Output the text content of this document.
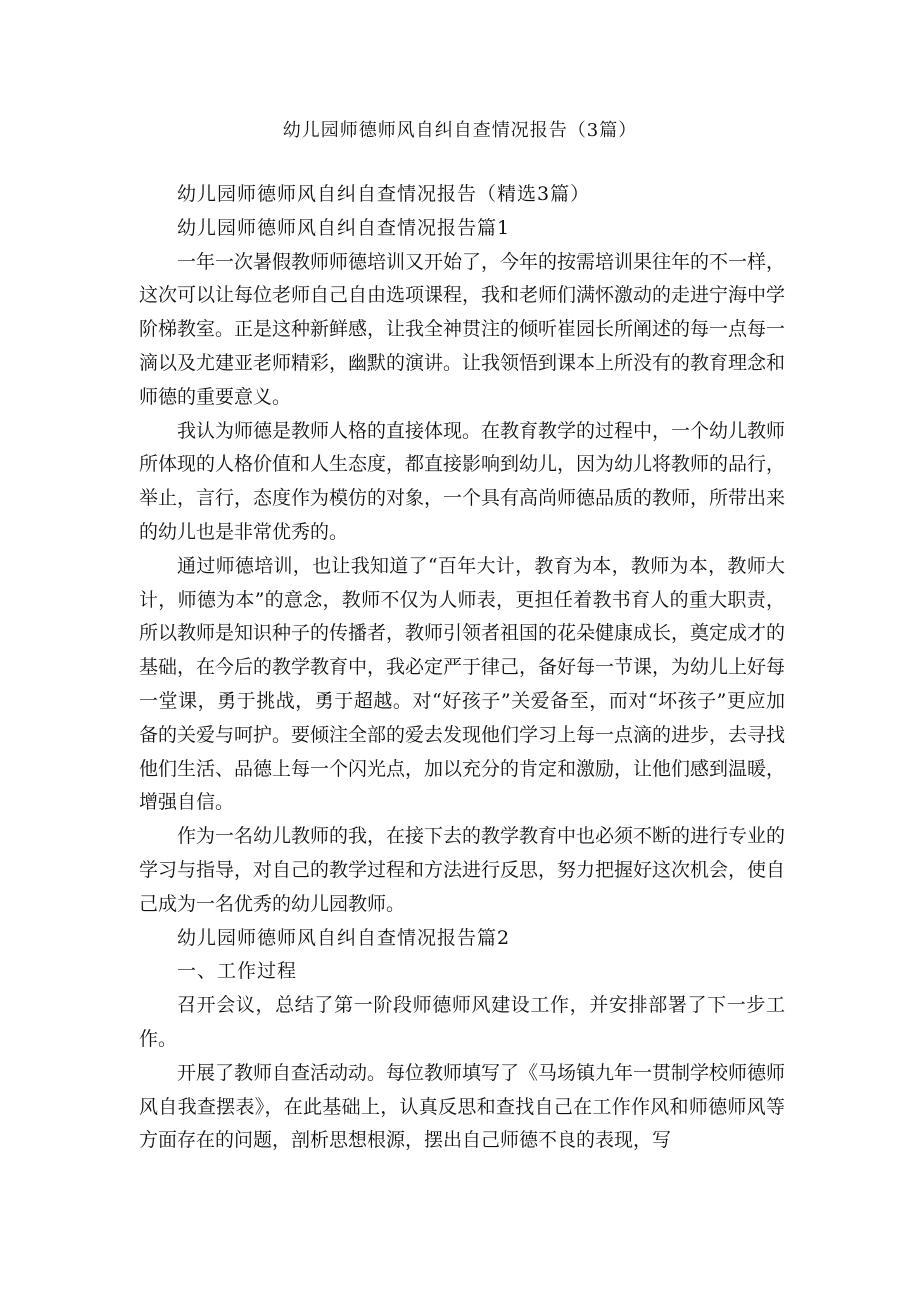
幼儿园师德师风自纠自查情况报告（3篇）

幼儿园师德师风自纠自查情况报告（精选3篇）

幼儿园师德师风自纠自查情况报告篇1

一年一次暑假教师师德培训又开始了，今年的按需培训果往年的不一样，这次可以让每位老师自己自由选项课程，我和老师们满怀激动的走进宁海中学阶梯教室。正是这种新鲜感，让我全神贯注的倾听崔园长所阐述的每一点每一滴以及尤建亚老师精彩，幽默的演讲。让我领悟到课本上所没有的教育理念和师德的重要意义。

我认为师德是教师人格的直接体现。在教育教学的过程中，一个幼儿教师所体现的人格价值和人生态度，都直接影响到幼儿，因为幼儿将教师的品行，举止，言行，态度作为模仿的对象，一个具有高尚师德品质的教师，所带出来的幼儿也是非常优秀的。

通过师德培训，也让我知道了“百年大计，教育为本，教师为本，教师大计，师德为本”的意念，教师不仅为人师表，更担任着教书育人的重大职责，所以教师是知识种子的传播者，教师引领者祖国的花朵健康成长，奠定成才的基础，在今后的教学教育中，我必定严于律己，备好每一节课，为幼儿上好每一堂课，勇于挑战，勇于超越。对“好孩子”关爱备至，而对“坏孩子”更应加备的关爱与呵护。要倾注全部的爱去发现他们学习上每一点滴的进步，去寻找他们生活、品德上每一个闪光点，加以充分的肯定和激励，让他们感到温暖，增强自信。

作为一名幼儿教师的我，在接下去的教学教育中也必须不断的进行专业的学习与指导，对自己的教学过程和方法进行反思，努力把握好这次机会，使自己成为一名优秀的幼儿园教师。

幼儿园师德师风自纠自查情况报告篇2

一、工作过程

召开会议，总结了第一阶段师德师风建设工作，并安排部署了下一步工作。

开展了教师自查活动动。每位教师填写了《马场镇九年一贯制学校师德师风自我查摆表》，在此基础上，认真反思和查找自己在工作作风和师德师风等方面存在的问题，剖析思想根源，摆出自己师德不良的表现，写
